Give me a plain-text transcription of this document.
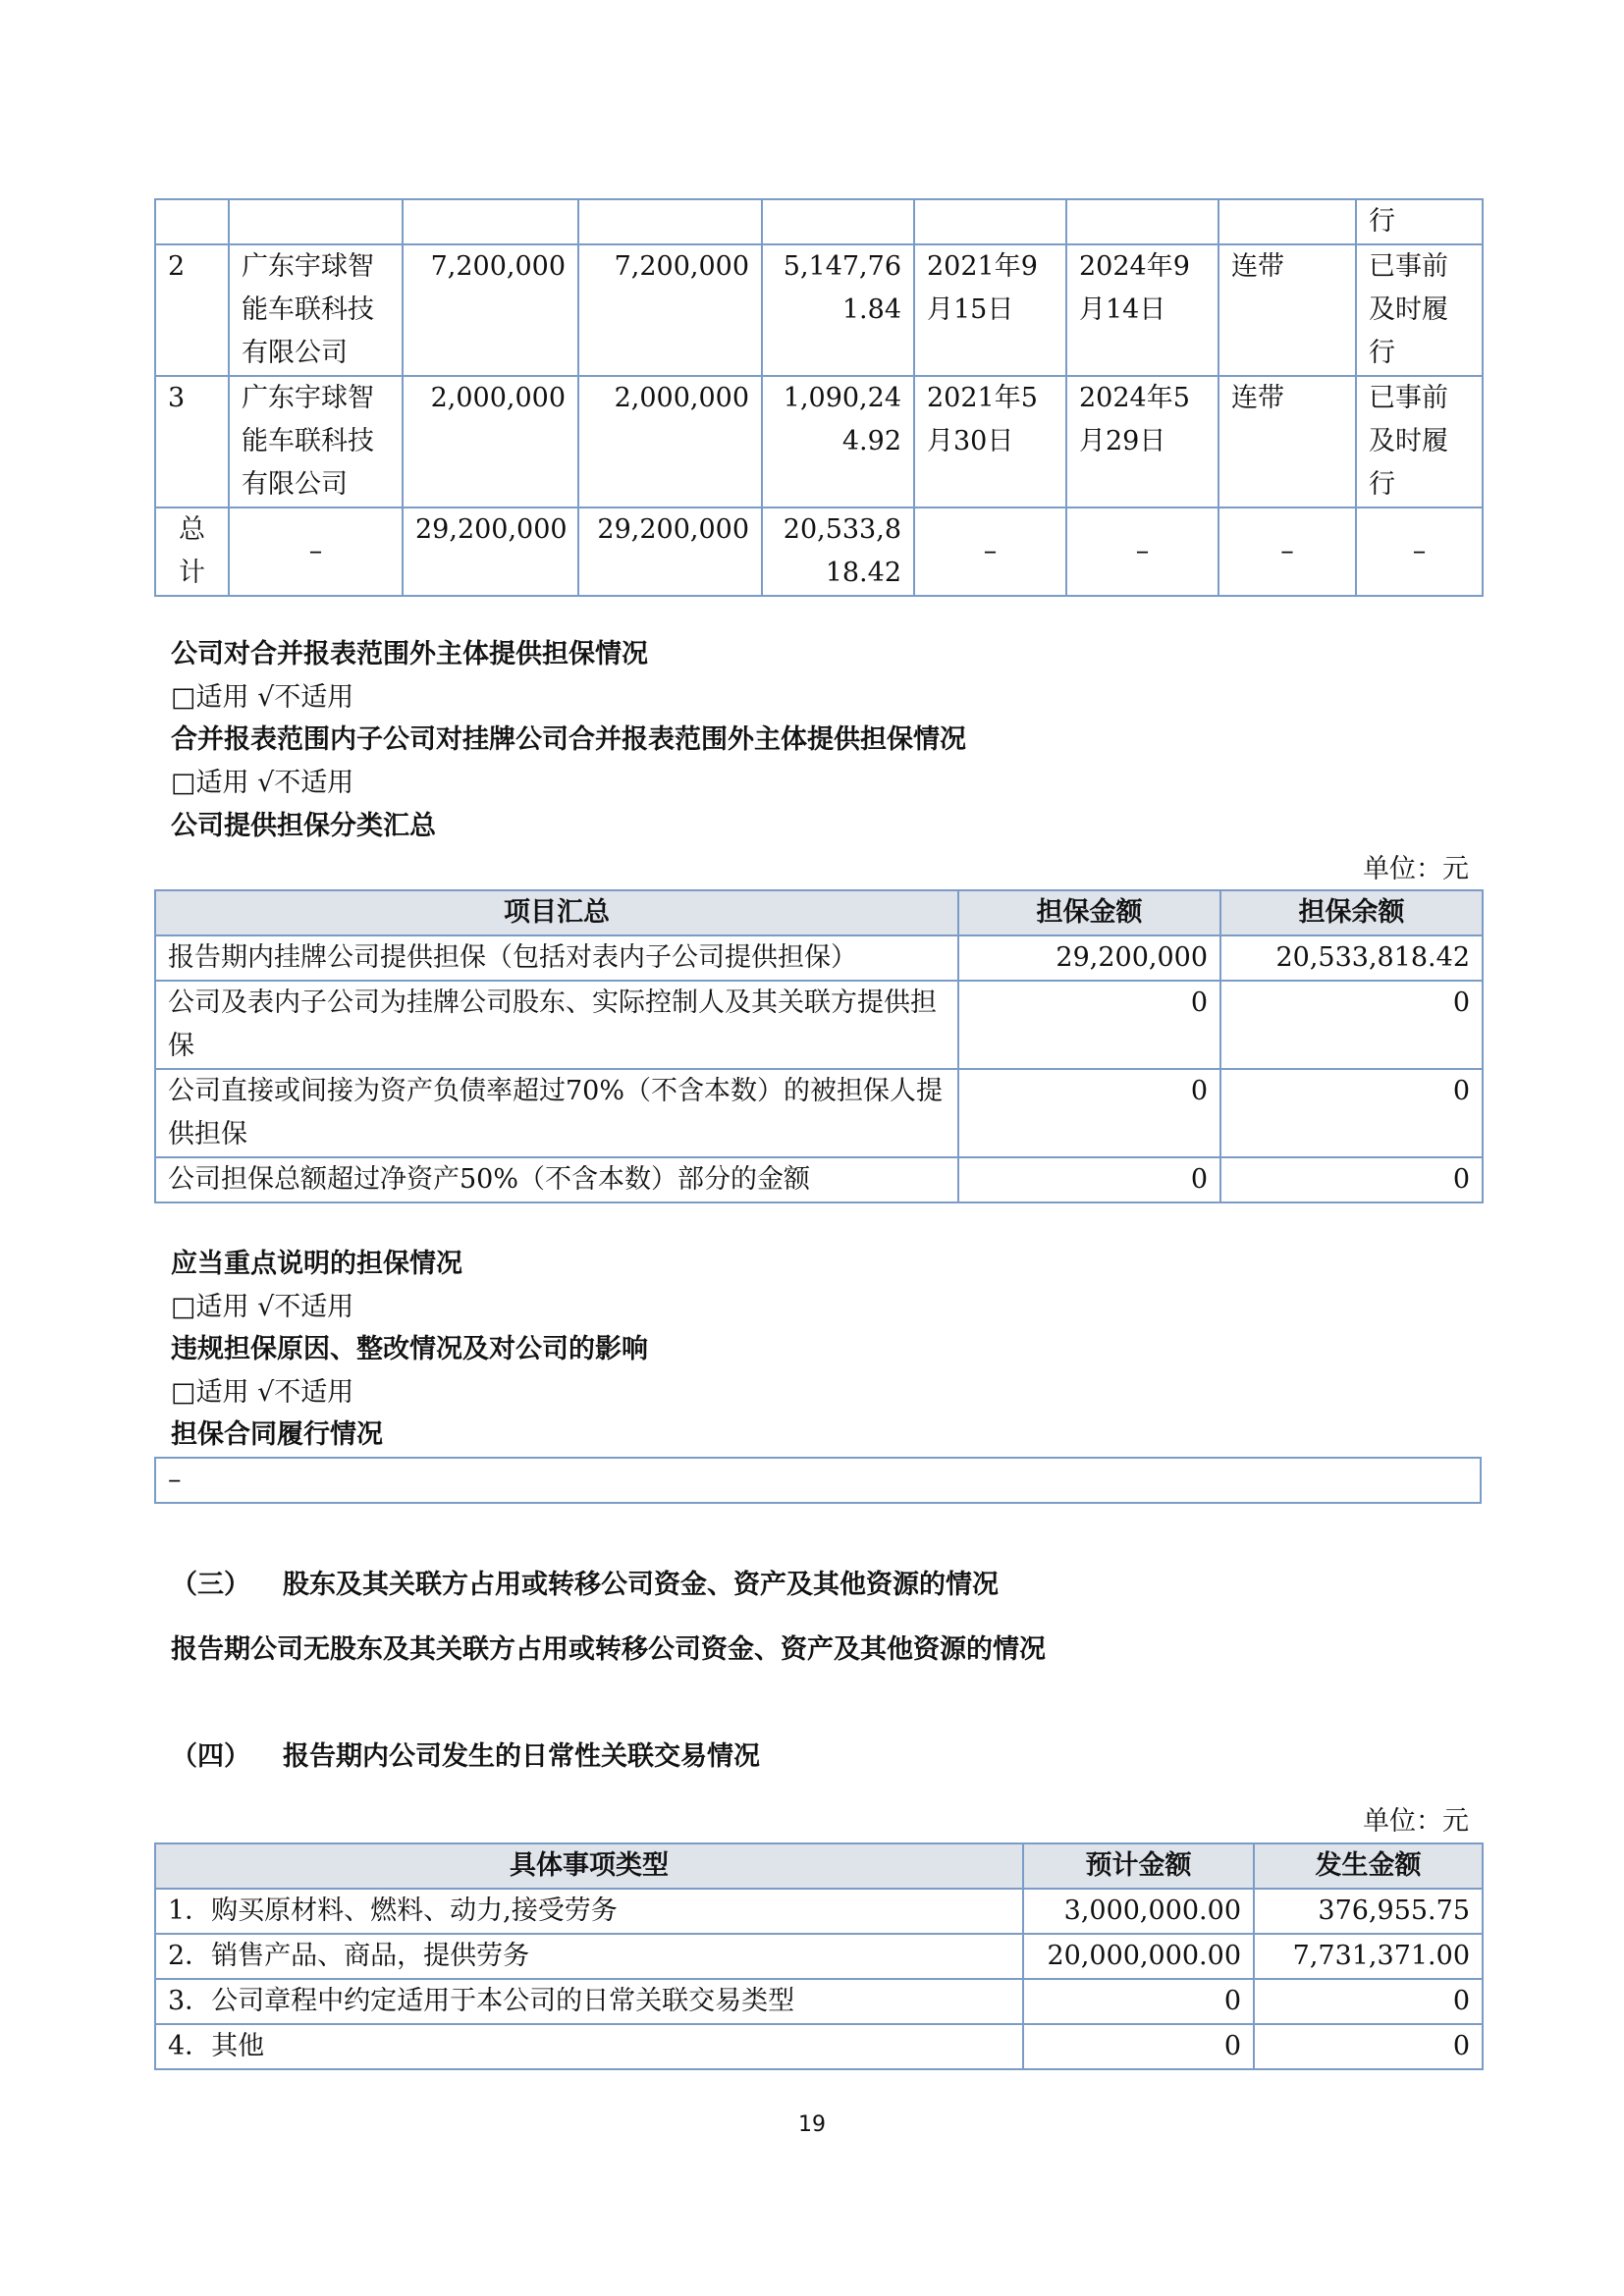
								行
2	广东宇球智能车联科技有限公司	7,200,000	7,200,000	5,147,761.84	2021年9月15日	2024年9月14日	连带	已事前及时履行
3	广东宇球智能车联科技有限公司	2,000,000	2,000,000	1,090,244.92	2021年5月30日	2024年5月29日	连带	已事前及时履行
总计	–	29,200,000	29,200,000	20,533,818.42	–	–	–	–
公司对合并报表范围外主体提供担保情况
□适用 √不适用
合并报表范围内子公司对挂牌公司合并报表范围外主体提供担保情况
□适用 √不适用
公司提供担保分类汇总
单位：元
项目汇总	担保金额	担保余额
报告期内挂牌公司提供担保（包括对表内子公司提供担保）	29,200,000	20,533,818.42
公司及表内子公司为挂牌公司股东、实际控制人及其关联方提供担保	0	0
公司直接或间接为资产负债率超过70%（不含本数）的被担保人提供担保	0	0
公司担保总额超过净资产50%（不含本数）部分的金额	0	0
应当重点说明的担保情况
□适用 √不适用
违规担保原因、整改情况及对公司的影响
□适用 √不适用
担保合同履行情况
–
（三） 股东及其关联方占用或转移公司资金、资产及其他资源的情况
报告期公司无股东及其关联方占用或转移公司资金、资产及其他资源的情况
（四） 报告期内公司发生的日常性关联交易情况
单位：元
具体事项类型	预计金额	发生金额
1．购买原材料、燃料、动力,接受劳务	3,000,000.00	376,955.75
2．销售产品、商品，提供劳务	20,000,000.00	7,731,371.00
3．公司章程中约定适用于本公司的日常关联交易类型	0	0
4．其他	0	0
19
